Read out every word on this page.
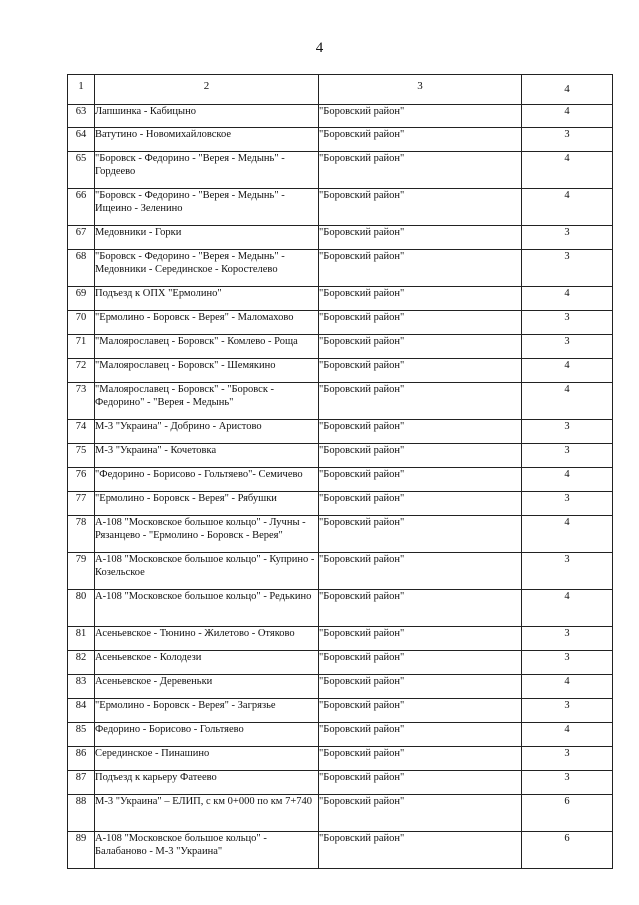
4
1	2	3	4
63	Лапшинка - Кабицыно	"Боровский район"	4
64	Ватутино - Новомихайловское	"Боровский район"	3
65	"Боровск - Федорино - "Верея - Медынь" - Гордеево	"Боровский район"	4
66	"Боровск - Федорино - "Верея - Медынь" - Ищеино - Зеленино	"Боровский район"	4
67	Медовники - Горки	"Боровский район"	3
68	"Боровск - Федорино - "Верея - Медынь" - Медовники - Серединское - Коростелево	"Боровский район"	3
69	Подъезд к ОПХ "Ермолино"	"Боровский район"	4
70	"Ермолино - Боровск - Верея" - Маломахово	"Боровский район"	3
71	"Малоярославец - Боровск" - Комлево - Роща	"Боровский район"	3
72	"Малоярославец - Боровск" - Шемякино	"Боровский район"	4
73	"Малоярославец - Боровск" - "Боровск - Федорино" - "Верея - Медынь"	"Боровский район"	4
74	М-3 "Украина" - Добрино - Аристово	"Боровский район"	3
75	М-3 "Украина" - Кочетовка	"Боровский район"	3
76	"Федорино - Борисово - Гольтяево"- Семичево	"Боровский район"	4
77	"Ермолино - Боровск - Верея" - Рябушки	"Боровский район"	3
78	А-108 "Московское большое кольцо" - Лучны - Рязанцево - "Ермолино - Боровск - Верея"	"Боровский район"	4
79	А-108 "Московское большое кольцо" - Куприно - Козельское	"Боровский район"	3
80	А-108 "Московское большое кольцо" - Редькино	"Боровский район"	4
81	Асеньевское - Тюнино - Жилетово - Отяково	"Боровский район"	3
82	Асеньевское - Колодези	"Боровский район"	3
83	Асеньевское - Деревеньки	"Боровский район"	4
84	"Ермолино - Боровск - Верея" - Загрязье	"Боровский район"	3
85	Федорино - Борисово - Гольтяево	"Боровский район"	4
86	Серединское - Пинашино	"Боровский район"	3
87	Подъезд к карьеру Фатеево	"Боровский район"	3
88	М-3 "Украина" – ЕЛИП, с км 0+000 по км 7+740	"Боровский район"	6
89	А-108 "Московское большое кольцо" - Балабаново - М-3 "Украина"	"Боровский район"	6
